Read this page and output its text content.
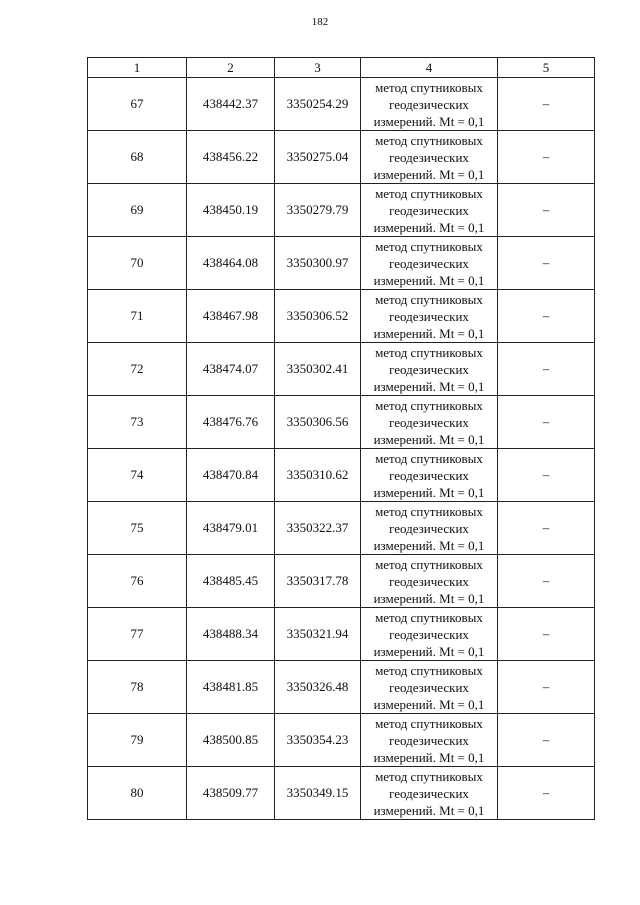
182
1	2	3	4	5
67	438442.37	3350254.29	метод спутниковых
геодезических
измерений. Mt = 0,1	–
68	438456.22	3350275.04	метод спутниковых
геодезических
измерений. Mt = 0,1	–
69	438450.19	3350279.79	метод спутниковых
геодезических
измерений. Mt = 0,1	–
70	438464.08	3350300.97	метод спутниковых
геодезических
измерений. Mt = 0,1	–
71	438467.98	3350306.52	метод спутниковых
геодезических
измерений. Mt = 0,1	–
72	438474.07	3350302.41	метод спутниковых
геодезических
измерений. Mt = 0,1	–
73	438476.76	3350306.56	метод спутниковых
геодезических
измерений. Mt = 0,1	–
74	438470.84	3350310.62	метод спутниковых
геодезических
измерений. Mt = 0,1	–
75	438479.01	3350322.37	метод спутниковых
геодезических
измерений. Mt = 0,1	–
76	438485.45	3350317.78	метод спутниковых
геодезических
измерений. Mt = 0,1	–
77	438488.34	3350321.94	метод спутниковых
геодезических
измерений. Mt = 0,1	–
78	438481.85	3350326.48	метод спутниковых
геодезических
измерений. Mt = 0,1	–
79	438500.85	3350354.23	метод спутниковых
геодезических
измерений. Mt = 0,1	–
80	438509.77	3350349.15	метод спутниковых
геодезических
измерений. Mt = 0,1	–
